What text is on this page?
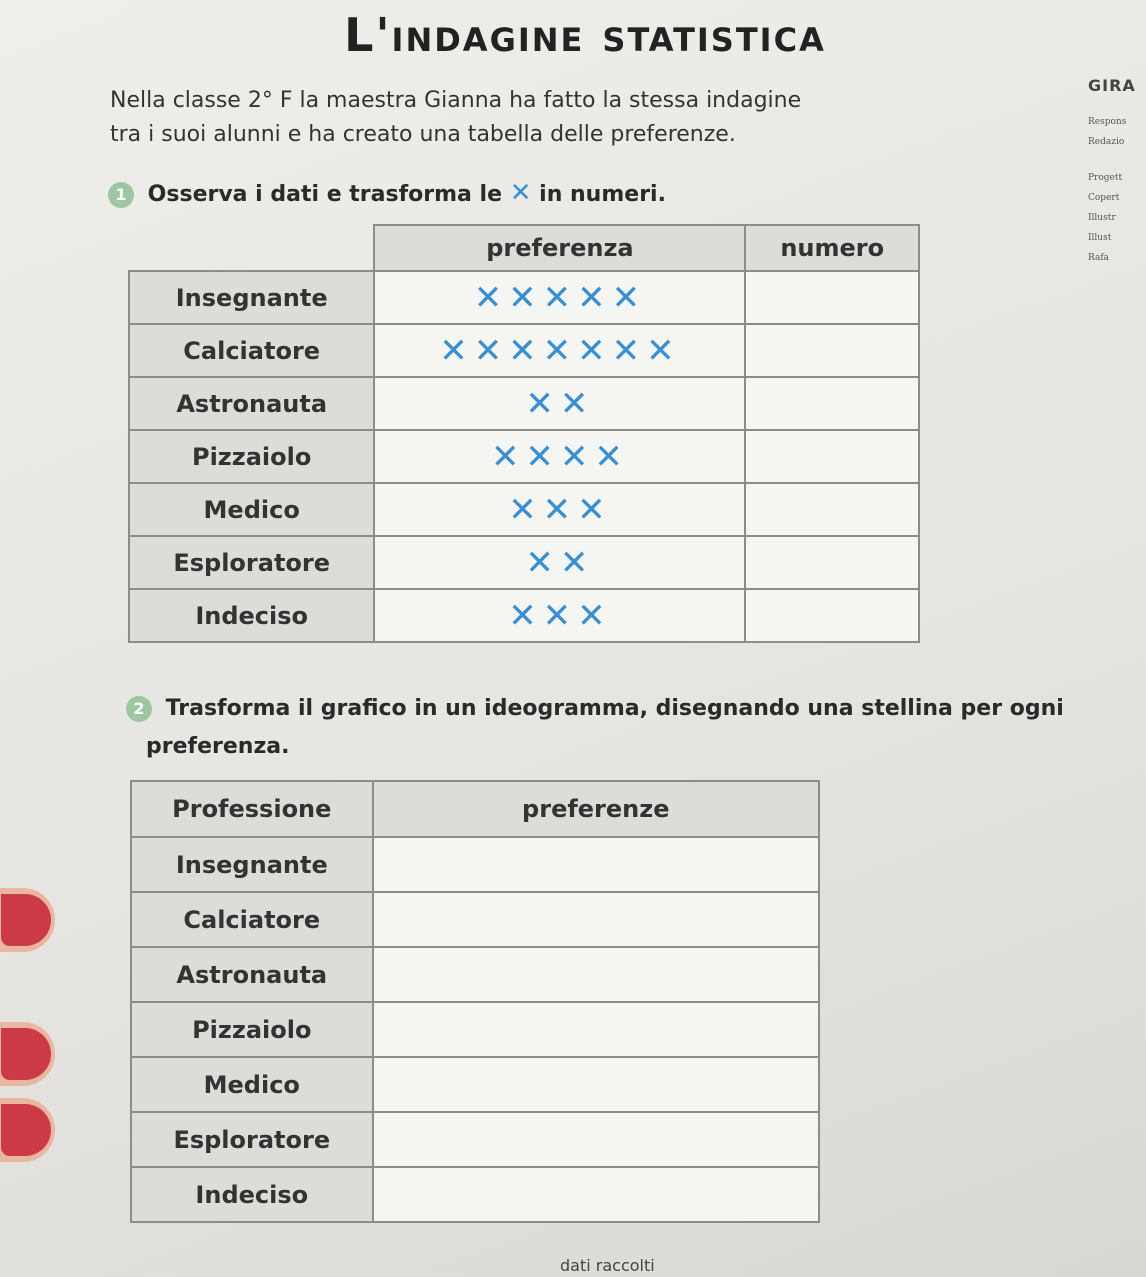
L'indagine statistica
Nella classe 2° F la maestra Gianna ha fatto la stessa indagine
tra i suoi alunni e ha creato una tabella delle preferenze.
GIRA
Respons
Redazio
Progett
Copert
Illustr
Illust
Rafa
1 Osserva i dati e trasforma le ✕ in numeri.
	preferenza	numero
Insegnante	✕✕✕✕✕	
Calciatore	✕✕✕✕✕✕✕	
Astronauta	✕✕	
Pizzaiolo	✕✕✕✕	
Medico	✕✕✕	
Esploratore	✕✕	
Indeciso	✕✕✕	
2 Trasforma il grafico in un ideogramma, disegnando una stellina per ogni
preferenza.
Professione	preferenze
Insegnante	
Calciatore	
Astronauta	
Pizzaiolo	
Medico	
Esploratore	
Indeciso	
dati raccolti
